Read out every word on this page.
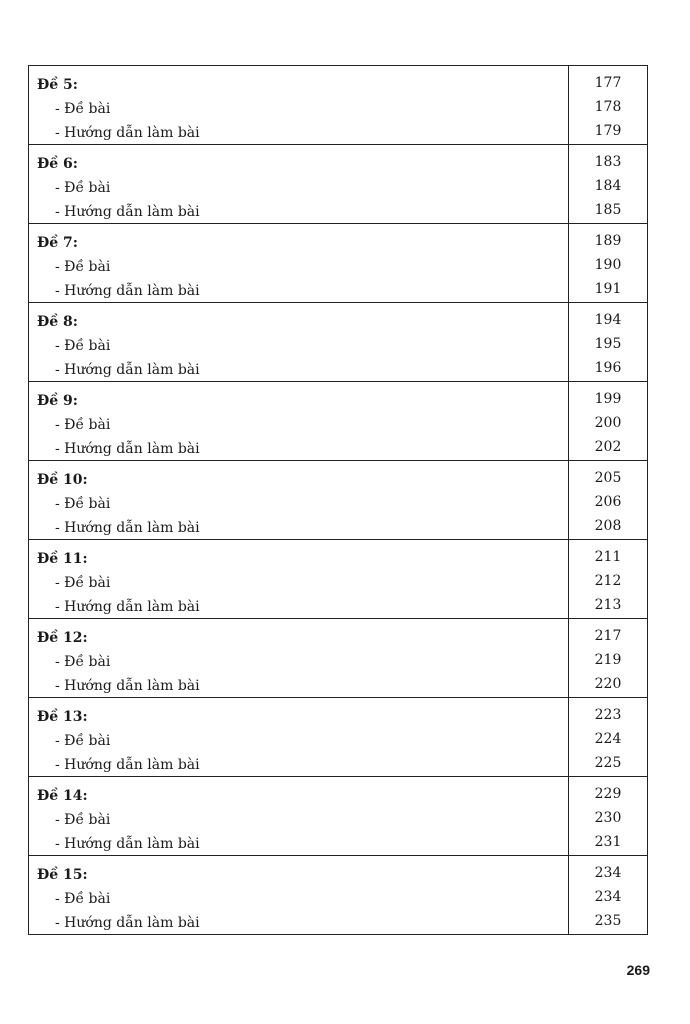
Đề 5:
- Đề bài
- Hướng dẫn làm bài
177
178
179
Đề 6:
- Đề bài
- Hướng dẫn làm bài
183
184
185
Đề 7:
- Đề bài
- Hướng dẫn làm bài
189
190
191
Đề 8:
- Đề bài
- Hướng dẫn làm bài
194
195
196
Đề 9:
- Đề bài
- Hướng dẫn làm bài
199
200
202
Đề 10:
- Đề bài
- Hướng dẫn làm bài
205
206
208
Đề 11:
- Đề bài
- Hướng dẫn làm bài
211
212
213
Đề 12:
- Đề bài
- Hướng dẫn làm bài
217
219
220
Đề 13:
- Đề bài
- Hướng dẫn làm bài
223
224
225
Đề 14:
- Đề bài
- Hướng dẫn làm bài
229
230
231
Đề 15:
- Đề bài
- Hướng dẫn làm bài
234
234
235
269
